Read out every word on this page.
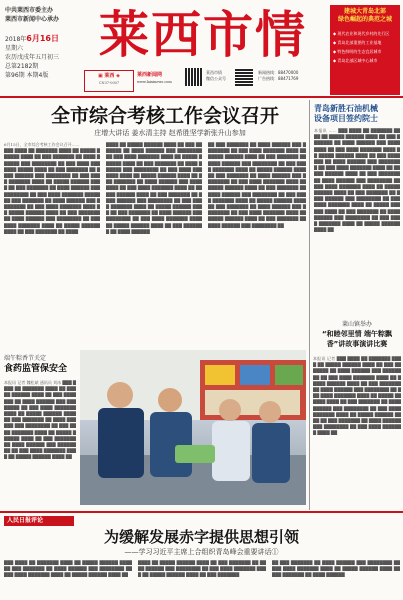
中共莱西市委主办
莱西市新闻中心承办
2018年6月16日
星期六
农历戊戌年五月初三
总第2182期
第96期 本期4版
莱西市情
▣ 莱西 ◈
CN37-0007
莱西新闻网
www.laixinews.com
莱西市情
微信公众号
新闻热线：88470000
广告热线：88471769
建城大青岛北部
绿色崛起的典范之城
◆ 现代农业和现代乡村的先行区
◆ 青岛北部重要的工业基地
◆ 特色鲜明的生态宜居城市
◆ 青岛北部区域中心城市
全市综合考核工作会议召开
庄增大讲话 姜水清主持 赵希胜坚学新张升山参加
6月15日，全市综合考核工作会议召开……
███ ████ ██ ███████ ████ ██ █████ ██████ ████ ██ ███ ███████ ██ ████ ██████ ███ ████████ ██ ███ ████ ███████ █████ ████ ██ ███ ███████ ██ ████ ██████ ███ ████████ ██ ███ ████ ███████ ████ ██ █████ ██████ ████ ██ ███ ███████ ██ ████ ██████ ███ ████████ ██ ███ ████ ███████ █████ ██ ███ ███████ ██ ████ ██████ ███ ████████ ██ ███ ████ ███████ ████ ██ █████ ██████ ████ ██ ███ ███████ ██ ████ ██████ ███ ████████ ██ ███ ████ ███████ ████ ██ █████ ██████ ████ ██ ███ ███████ ██ ████
████ ██ █████ ██████ ████ ██ ███ ███████ ██ ████ ██████ ███ ████████ ██ ███ ████ ███████ ████ ██ █████ ██████ ████ ██ ███ ███████ ██ ████ ██████ ███ ████████ ██ ███ ████ ███████ ████ ██ █████ ██████ ████ ██ ███ ███████ ██ ████ ██████ ███ ████████ ██ ███ ████ ███████ ████ ██ █████ ██████ ████ ██ ███ ███████ ██ ████ ██████ ███ ████████ ██ ███ ████ ███████ ████ ██ █████ ██████ ████ ██ ███ ███████ ██ ████ ██████ ███ ████████ ██ ███ ████ ███████ ████ ██ █████ ██████ ████ ██ ███ ███████ ██ ████ ██████
██ ███ ███████ ██ ████ ██████ ███ ████████ ██ ███ ████ ███████ ████ ██ █████ ██████ ████ ██ ███ ███████ ██ ████ ██████ ███ ████████ ██ ███ ████ ███████ ████ ██ █████ ██████ ████ ██ ███ ███████ ██ ████ ██████ ███ ████████ ██ ███ ████ ███████ ████ ██ █████ ██████ ████ ██ ███ ███████ ██ ████ ██████ ███ ████████ ██ ███ ████ ███████ ████ ██ █████ ██████ ████ ██ ███ ███████ ██ ████ ██████ ███ ████████ ██ ███ ████ ███████ ████ ██ █████ ██████ ████ ██ ███ ███████ ██ ████ ██████ ███ ████████ ██
青岛新胜石油机械
设备项目签约院士
本报讯 …… ███ ████ ██ ███████ ████ ██ █████ ██████ ████ ██ ███ ███████ ██ ████ ██████ ███ ████████ ██ ███ ████ ███████ ████ ██ █████ ██████ ████ ██ ███ ███████ ██ ████ ██████ ███ ████████ ██ ███ ████ ███████ ████ ██ █████ ██████ ████ ██ ███ ███████ ██ ████ ██████ ███ ████████ ██ ███ ████ ███████ ████ ██ █████ ██████ ████ ██ ███ ███████ ██ ████ ██████ ███ ████████ ██ ███ ████ ███████ ████ ██ █████ ██████ ████ ██ ███ ███████ ██ ████ ██████ ███ ████████ ██ ███ ████ ███████ ████ ██ █████ ██████ ████ ██
端午粽香节关定
食药监管保安全
本报讯 记者 魏松斌 通讯员 刘冰 ███ ████ ██ ███████ ████ ██ █████ ██████ ████ ██ ███ ███████ ██ ████ ██████ ███ ████████ ██ ███ ████ ███████ ████ ██ █████ ██████ ████ ██ ███ ███████ ██ ████ ██████ ███ ████████ ██ ███ ████ ███████ ████ ██ █████ ██████ ████ ██ ███ ███████ ██ ████ ██████ ███ ████████ ██ ███ ████ ███████ ████ ██ █████ ██████ ████ ██
莱山镇举办
“和睦邻里情 端午粽飘
香”讲故事演讲比赛
本报讯 记者 ███ ████ ██ ███████ ████ ██ █████ ██████ ████ ██ ███ ███████ ██ ████ ██████ ███ ████████ ██ ███ ████ ███████ ████ ██ █████ ██████ ████ ██ ███ ███████ ██ ████ ██████ ███ ████████ ██ ███ ████ ███████ ████ ██ █████ ██████ ████ ██ ███ ███████ ██ ████ ██████ ███ ████████ ██ ███ ████ ███████ ████ ██ █████ ██████ ████ ██ ███ ███████ ██ ████ ██████ ███ ████████ ██ ███ ████ ███████ ████ ██
人民日报评论
为缓解发展赤字提供思想引领
——学习习近平主席上合组织青岛峰会重要讲话①
███ ████ ██ ███████ ████ ██ █████ ██████ ████ ██ ███ ███████ ██ ████ ██████ ███ ████████ ██ ███ ████ ███████ ████ ██ █████ ██████ ████ ██
████ ██ █████ ██████ ████ ██ ███ ███████ ██ ████ ██████ ███ ████████ ██ ███ ████ ███████ ████ ██ █████ ██████ ████ ██ ███ ███████
██ ███ ███████ ██ ████ ██████ ███ ████████ ██ ███ ████ ███████ ████ ██ █████ ██████ ████ ██ ███ ███████ ██ ████ ██████
